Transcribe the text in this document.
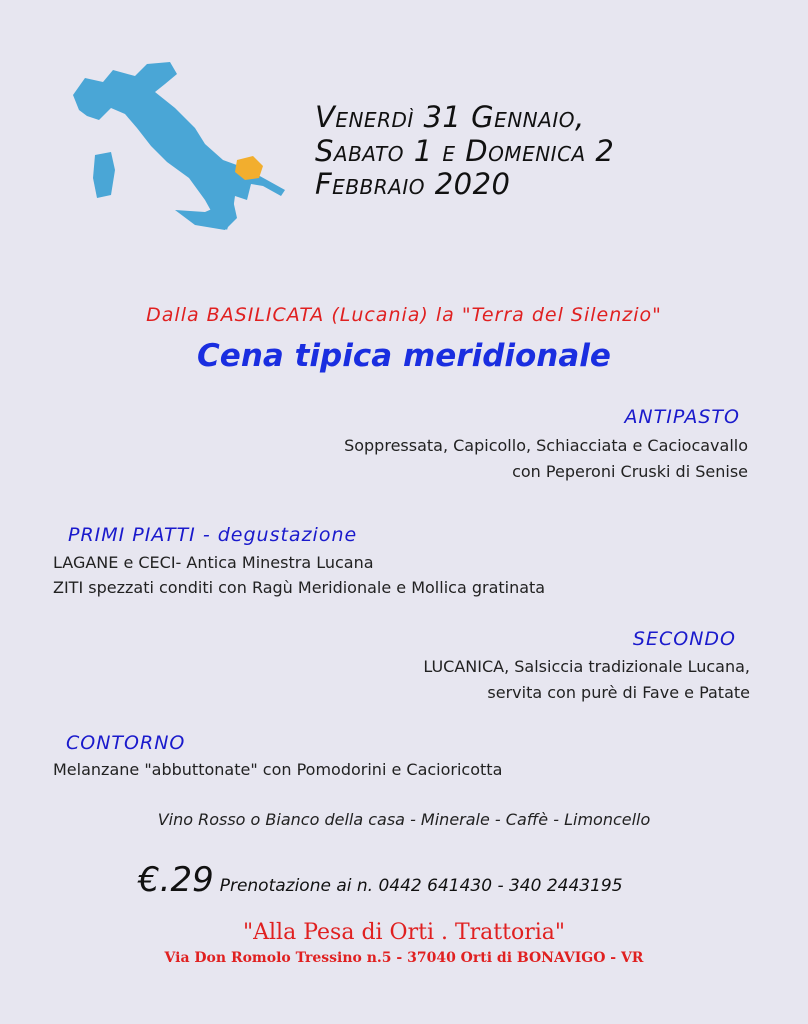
Venerdì 31 Gennaio,
Sabato 1 e Domenica 2
Febbraio 2020
Dalla BASILICATA (Lucania) la "Terra del Silenzio"
Cena tipica meridionale
ANTIPASTO
Soppressata, Capicollo, Schiacciata e Caciocavallo
con Peperoni Cruski di Senise
PRIMI PIATTI - degustazione
LAGANE e CECI- Antica Minestra Lucana
ZITI spezzati conditi con Ragù Meridionale e Mollica gratinata
SECONDO
LUCANICA, Salsiccia tradizionale Lucana,
servita con purè di Fave e Patate
CONTORNO
Melanzane "abbuttonate" con Pomodorini e Cacioricotta
Vino Rosso o Bianco della casa - Minerale - Caffè - Limoncello
€.29 Prenotazione ai n. 0442 641430 - 340 2443195
"Alla Pesa di Orti . Trattoria"
Via Don Romolo Tressino n.5 - 37040 Orti di BONAVIGO - VR
